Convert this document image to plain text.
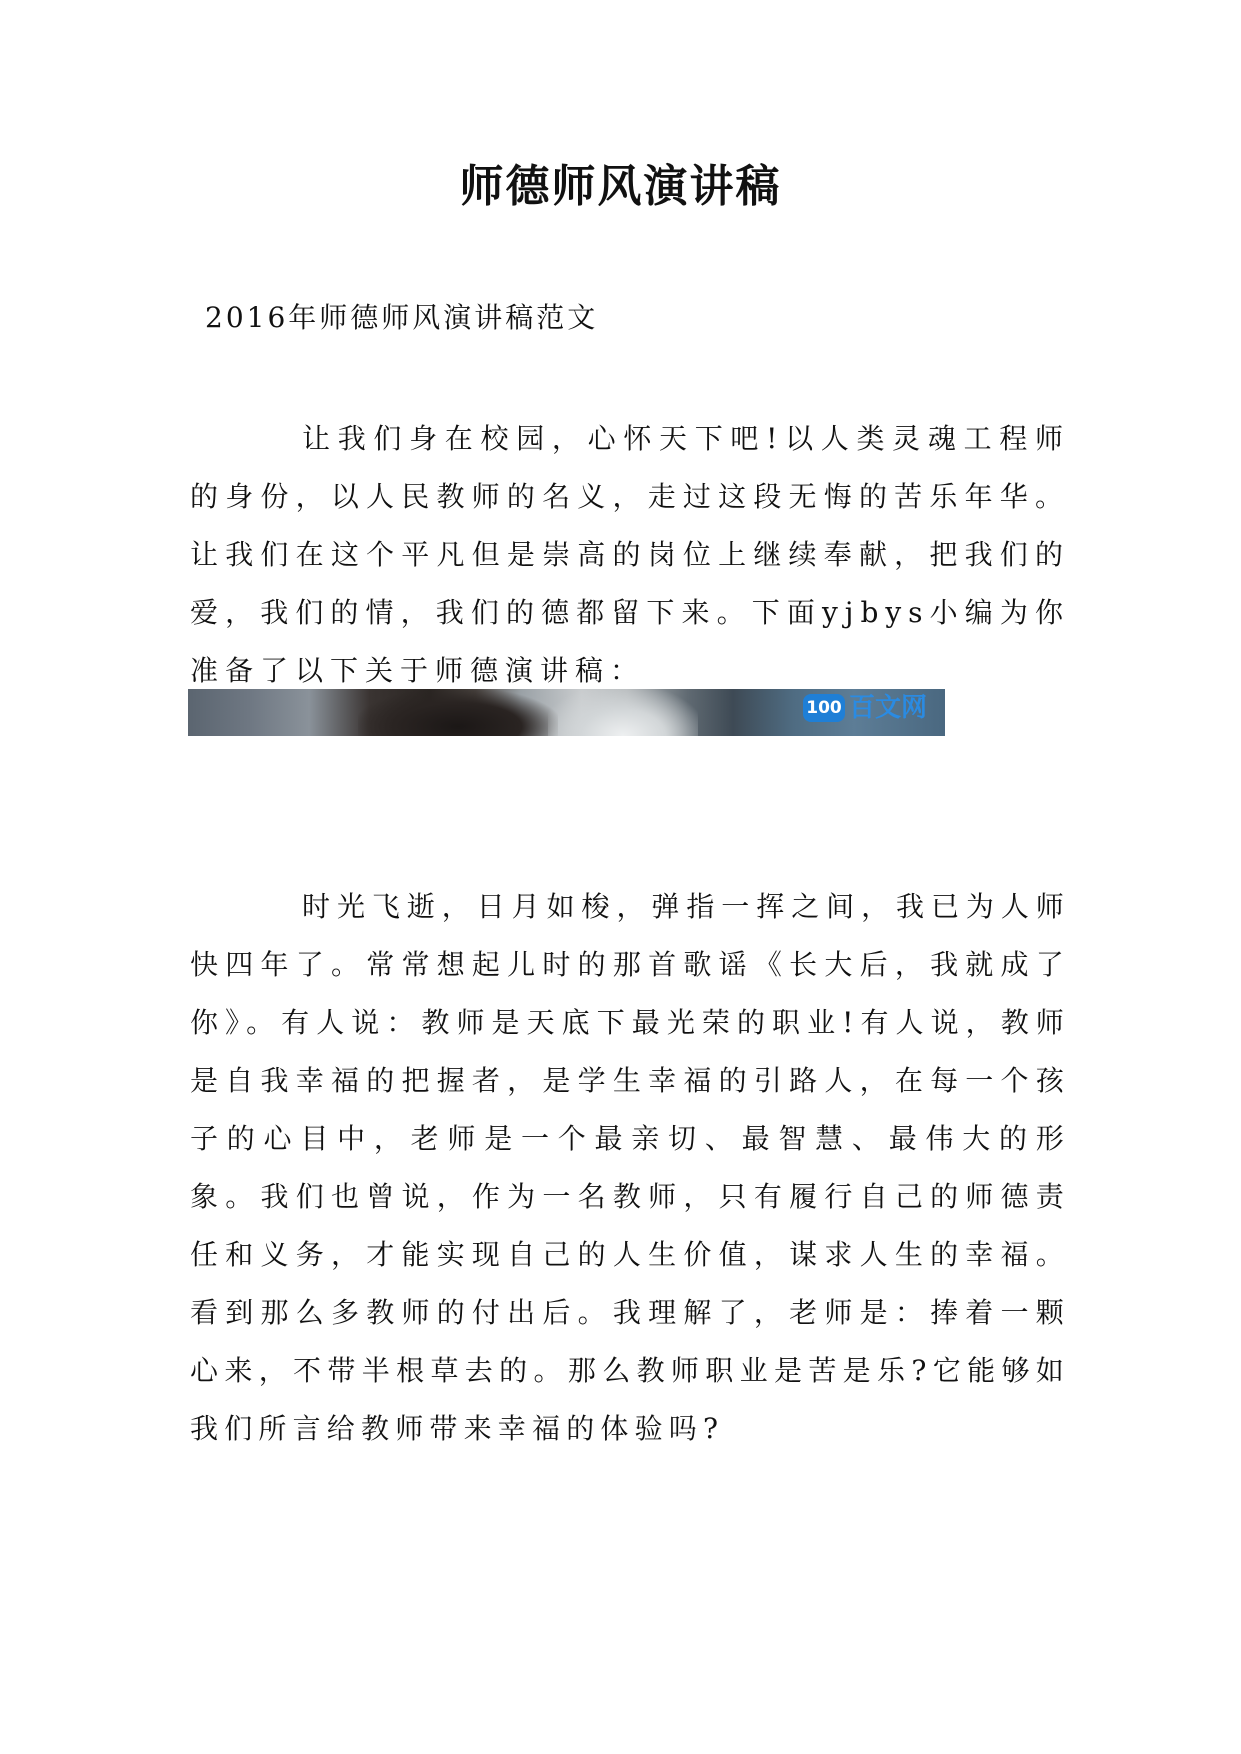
师德师风演讲稿

2016年师德师风演讲稿范文

让我们身在校园，心怀天下吧!以人类灵魂工程师的身份，以人民教师的名义，走过这段无悔的苦乐年华。让我们在这个平凡但是崇高的岗位上继续奉献，把我们的爱，我们的情，我们的德都留下来。下面yjbys小编为你准备了以下关于师德演讲稿：

100 百文网

时光飞逝，日月如梭，弹指一挥之间，我已为人师快四年了。常常想起儿时的那首歌谣《长大后，我就成了你》。有人说：教师是天底下最光荣的职业!有人说，教师是自我幸福的把握者，是学生幸福的引路人，在每一个孩子的心目中，老师是一个最亲切、最智慧、最伟大的形象。我们也曾说，作为一名教师，只有履行自己的师德责任和义务，才能实现自己的人生价值，谋求人生的幸福。看到那么多教师的付出后。我理解了，老师是：捧着一颗心来，不带半根草去的。那么教师职业是苦是乐?它能够如我们所言给教师带来幸福的体验吗?
